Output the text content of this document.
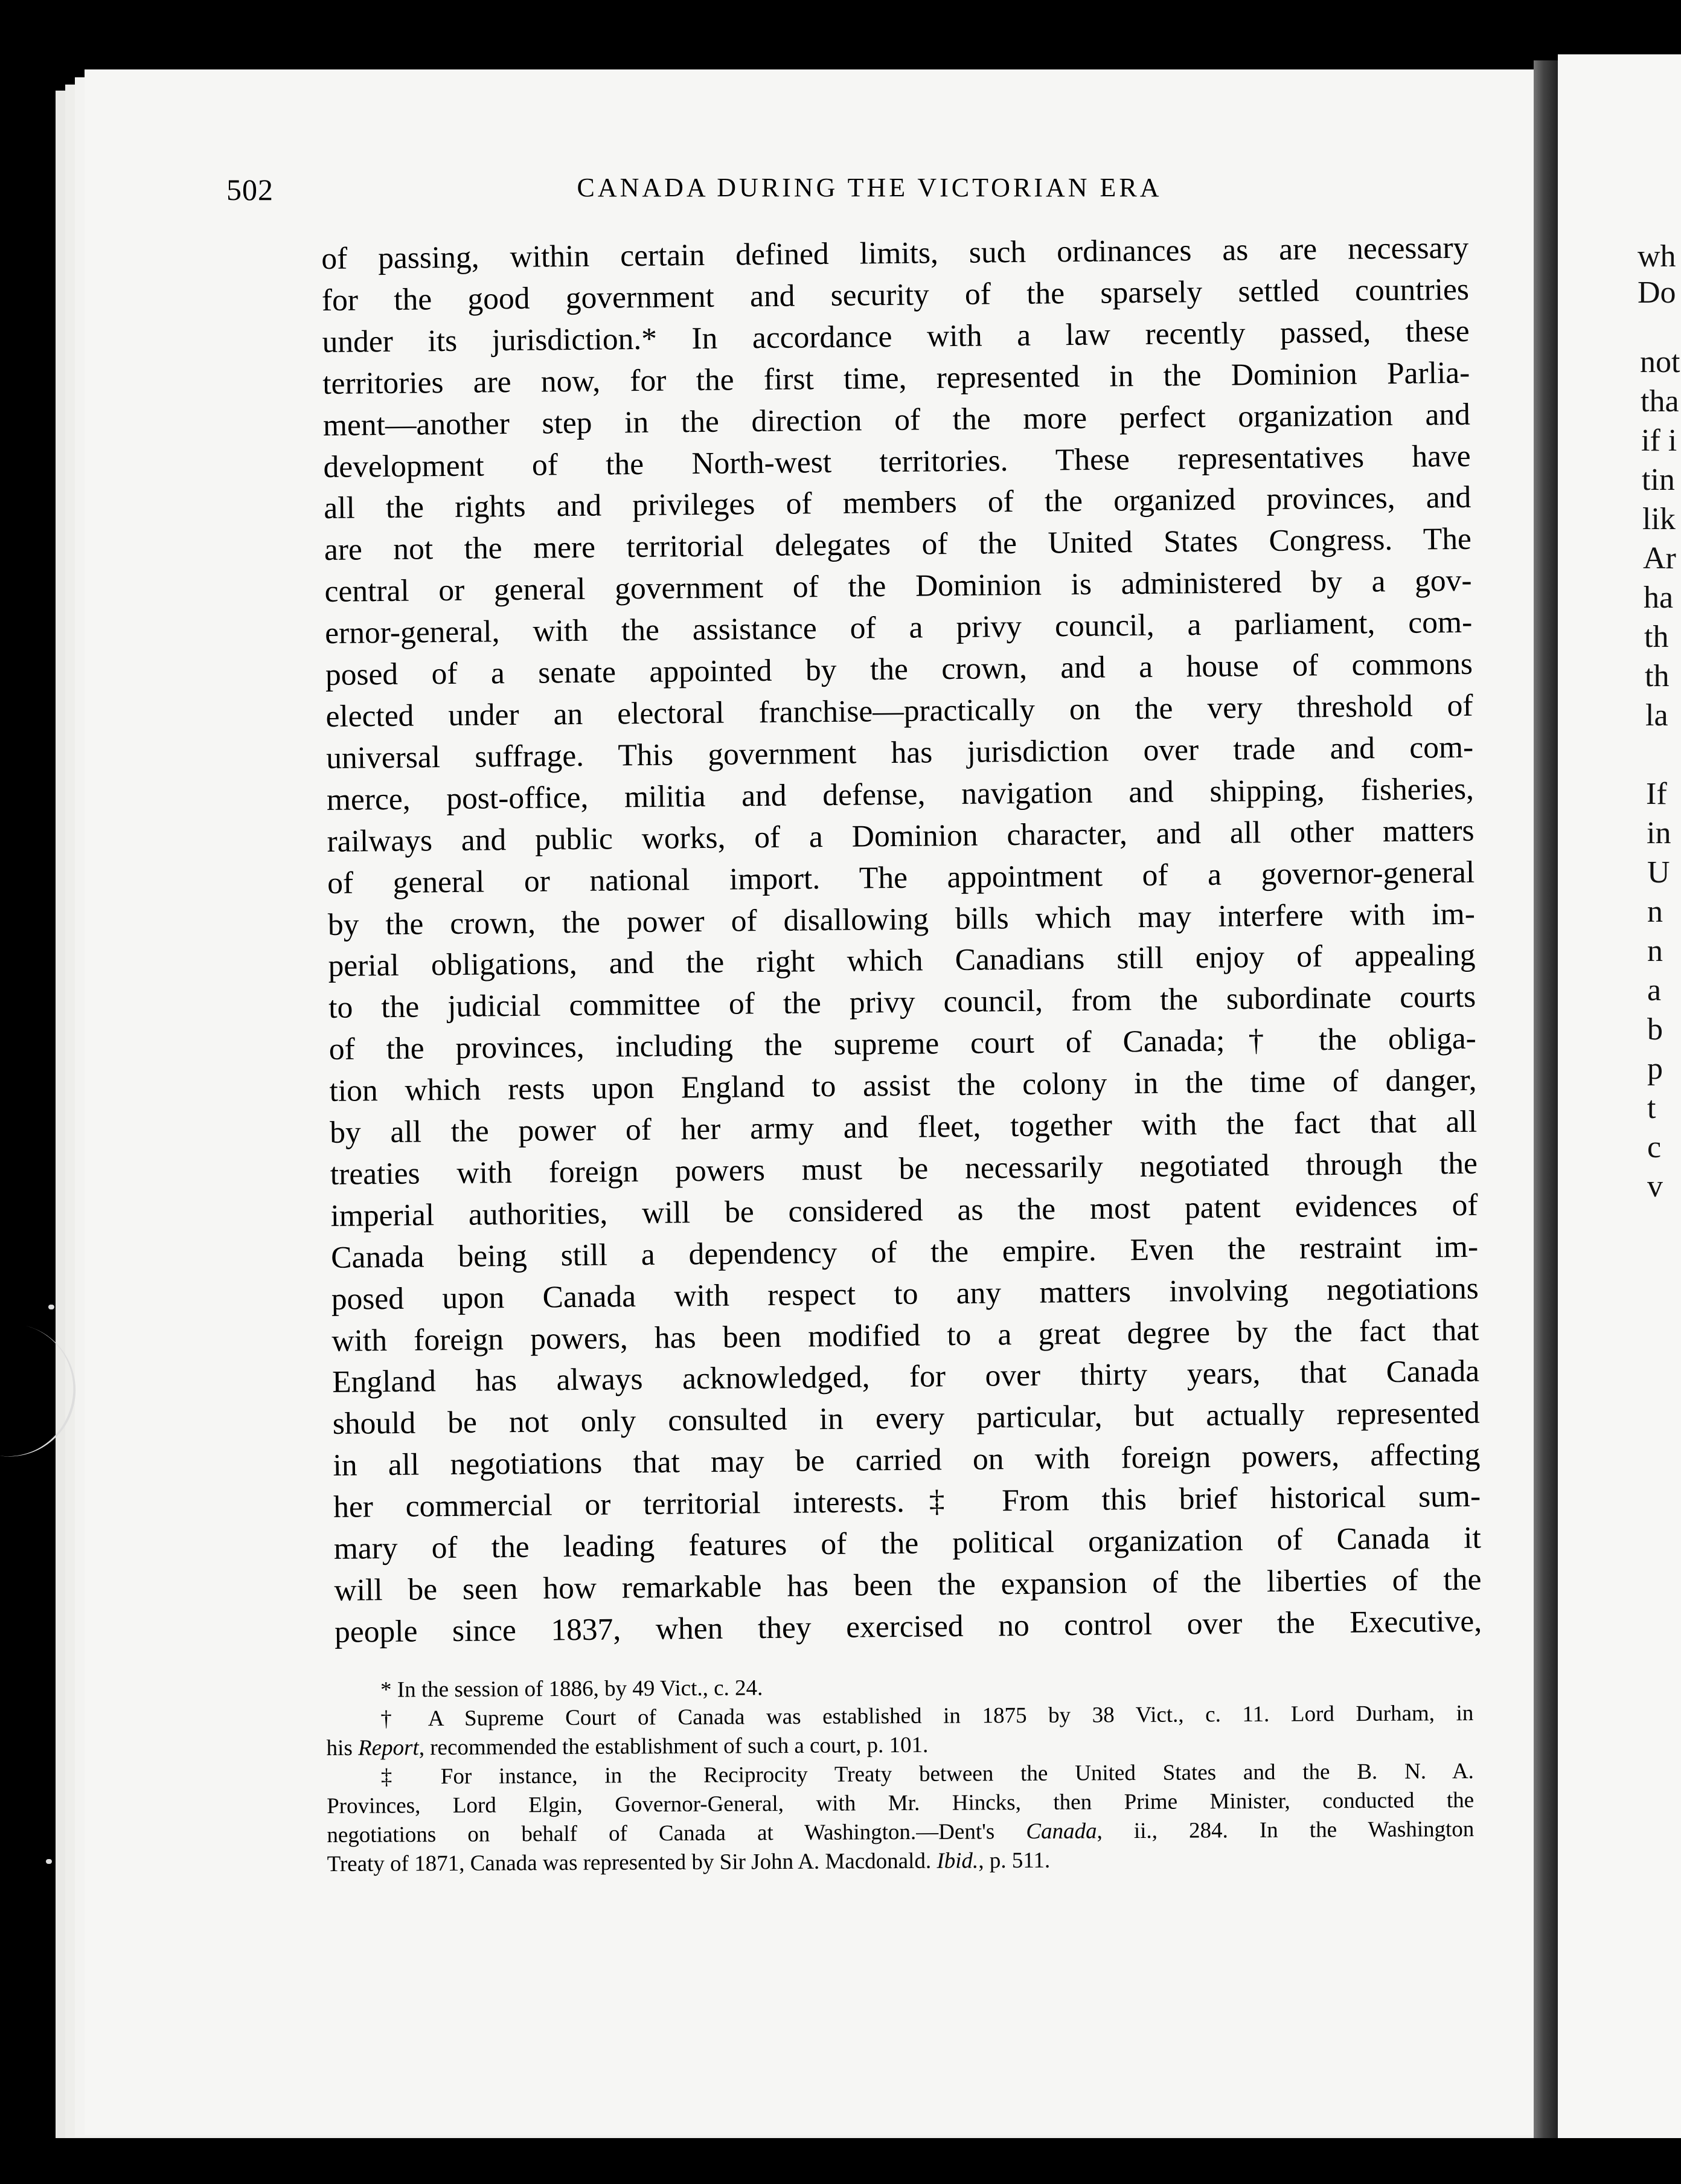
wh
Do
not
tha
if i
tin
lik
Ar
ha
th
th
la
If
in
U
n
n
a
b
p
t
c
v
502	CANADA DURING THE VICTORIAN ERA
of passing, within certain defined limits, such ordinances as are necessary
for the good government and security of the sparsely settled countries
under its jurisdiction.* In accordance with a law recently passed, these
territories are now, for the first time, represented in the Dominion Parlia-
ment—another step in the direction of the more perfect organization and
development of the North-west territories. These representatives have
all the rights and privileges of members of the organized provinces, and
are not the mere territorial delegates of the United States Congress. The
central or general government of the Dominion is administered by a gov-
ernor-general, with the assistance of a privy council, a parliament, com-
posed of a senate appointed by the crown, and a house of commons
elected under an electoral franchise—practically on the very threshold of
universal suffrage. This government has jurisdiction over trade and com-
merce, post-office, militia and defense, navigation and shipping, fisheries,
railways and public works, of a Dominion character, and all other matters
of general or national import. The appointment of a governor-general
by the crown, the power of disallowing bills which may interfere with im-
perial obligations, and the right which Canadians still enjoy of appealing
to the judicial committee of the privy council, from the subordinate courts
of the provinces, including the supreme court of Canada;† the obliga-
tion which rests upon England to assist the colony in the time of danger,
by all the power of her army and fleet, together with the fact that all
treaties with foreign powers must be necessarily negotiated through the
imperial authorities, will be considered as the most patent evidences of
Canada being still a dependency of the empire. Even the restraint im-
posed upon Canada with respect to any matters involving negotiations
with foreign powers, has been modified to a great degree by the fact that
England has always acknowledged, for over thirty years, that Canada
should be not only consulted in every particular, but actually represented
in all negotiations that may be carried on with foreign powers, affecting
her commercial or territorial interests.‡ From this brief historical sum-
mary of the leading features of the political organization of Canada it
will be seen how remarkable has been the expansion of the liberties of the
people since 1837, when they exercised no control over the Executive,
* In the session of 1886, by 49 Vict., c. 24.
† A Supreme Court of Canada was established in 1875 by 38 Vict., c. 11. Lord Durham, in
his Report, recommended the establishment of such a court, p. 101.
‡ For instance, in the Reciprocity Treaty between the United States and the B. N. A.
Provinces, Lord Elgin, Governor-General, with Mr. Hincks, then Prime Minister, conducted the
negotiations on behalf of Canada at Washington.—Dent's Canada, ii., 284. In the Washington
Treaty of 1871, Canada was represented by Sir John A. Macdonald. Ibid., p. 511.
